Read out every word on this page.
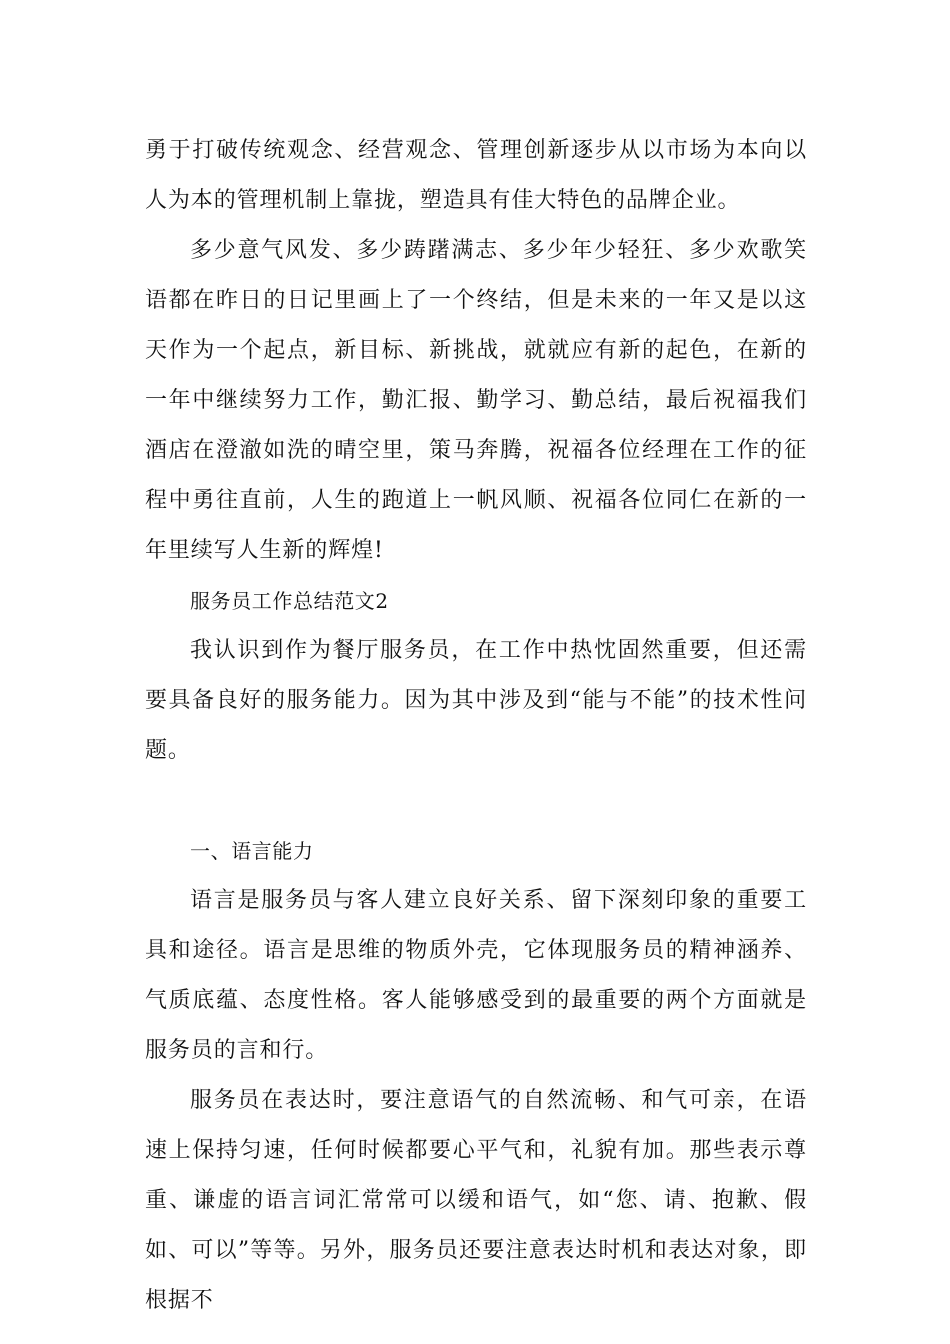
勇于打破传统观念、经营观念、管理创新逐步从以市场为本向以人为本的管理机制上靠拢，塑造具有佳大特色的品牌企业。

多少意气风发、多少踌躇满志、多少年少轻狂、多少欢歌笑语都在昨日的日记里画上了一个终结，但是未来的一年又是以这天作为一个起点，新目标、新挑战，就就应有新的起色，在新的一年中继续努力工作，勤汇报、勤学习、勤总结，最后祝福我们酒店在澄澈如洗的晴空里，策马奔腾，祝福各位经理在工作的征程中勇往直前，人生的跑道上一帆风顺、祝福各位同仁在新的一年里续写人生新的辉煌!

服务员工作总结范文2

我认识到作为餐厅服务员，在工作中热忱固然重要，但还需要具备良好的服务能力。因为其中涉及到“能与不能”的技术性问题。

一、语言能力

语言是服务员与客人建立良好关系、留下深刻印象的重要工具和途径。语言是思维的物质外壳，它体现服务员的精神涵养、气质底蕴、态度性格。客人能够感受到的最重要的两个方面就是服务员的言和行。

服务员在表达时，要注意语气的自然流畅、和气可亲，在语速上保持匀速，任何时候都要心平气和，礼貌有加。那些表示尊重、谦虚的语言词汇常常可以缓和语气，如“您、请、抱歉、假如、可以”等等。另外，服务员还要注意表达时机和表达对象，即根据不
